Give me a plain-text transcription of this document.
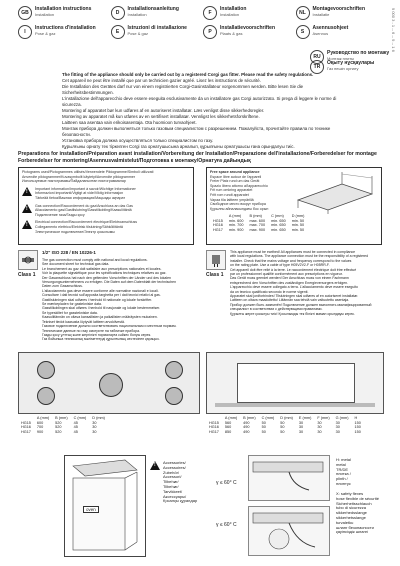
GB
Installation instructions
Installation	D
Installationsanleitung
Installation	F
Installation
Installation	NL
Montagevoorschriften
Installatie
I
Instructions d'installation
Pose & gaz	E
Istruzioni di installazione
Pose & gaz	P
Installatievoorschriften
Plaats & gas	S
Asennusohjeet
Asennus
RU
Руководство по монтажу
Монтаж плиты
TR
Оқыту нұсқаулары
Газ пешін орнату
9 000 3 - 1 -- 6 -- 9 -- 1 6

The fitting of the appliance should only be carried out by a registered Corgi gas fitter. Please read the safety regulations.

Cet appareil ne peut être installé que par un technicien gazier agréé. Lisez les instructions de sécurité.

Die Installation des Gerätes darf nur von einem registrierten Corgi-Gasinstallateur vorgenommen werden. Bitte lesen Sie die Sicherheitsbestimmungen.

L'installazione dell'apparecchio deve essere eseguita esclusivamente da un installatore gas Corgi autorizzato. Si prega di leggere le norme di sicurezza.

Montering af apparatet bør kun udføres af en autoriseret installatør. Læs venligst disse sikkerhedsregler.

Montering av apparatet må kun utføres av en sertifisert installatør. Vennligst les sikkerhetsforskriftene.

Laitteen saa asentaa vain erikoisasentaja. Ota huomioon turvaohjeet.

Монтаж прибора должен выполняться только газовым специалистом с разрешением. Пожалуйста, прочитайте правила по технике безопасности.

Установка прибора должна осуществляться только специалистом по газу.

Құрылғыны орнату тек тіркелген Corgi газ орнатушысына арналып, құрылғыны орнатушысы ғана орындалуы тиіс.

Preparations for installation/Préparation avant installation/Vorbereitung der Installation/Preparazione dell'installazione/Forberedelser for montage Forberedelser for montering/Asennusvalmistelut/Подготовка к монтажу/Орнатуға дайындық

Pictograms used/Pictogrammes utilisés/Verwendete Piktogramme/Simboli utilizzati
Anvendte piktogrammer/Kuvasymbolit käytetyt/Anvendte piktogrammer
Используемые пиктограммы/Пайдаланылған пиктограммалар
!
Important information/Important à savoir/Wichtige Informationen
Informazioni importanti/Vigtigt at vide/Viktig informasjon
Tärkeää tietoa/Важная информация/Маңызды ақпарат
!
Gas connection/Raccordement du gaz/Anschluss an das Gas
Allacciamento gas/Gastilslutning/Gasstilkobling/Kaasuliitäntä
Подключение газа/Газды қосу
!
Electrical connection/Raccordement électrique/Elektroanschluss
Collegamento elettrico/Elektrisk tilslutning/Sähköliitäntä
Электрическое подключение/Электр қосылымы
Free space around appliance
Espace libre autour de l'appareil
Freier Platz rund um das Gerät
Spazio libero attorno all'apparecchio
Frit rum omkring apparatet
Fritt rom rundt apparatet
Vapaa tila laitteen ympärillä
Свободное место вокруг прибора
Құрылғы айналасындағы бос орын
	A (mm)	B (mm)	C (mm)	D (mm)
HG15	min. 600	max. 600	min. 650	min. 50
HG16	min. 700	max. 700	min. 650	min. 50
HG17	min. 900	max. 900	min. 650	min. 50
Class 1
1/2" ISO 228 / EN 10226-1

The gas connection must comply with national and local regulations.

See document sheet for technical gas data.

Le branchement au gaz doit satisfaire aux prescriptions nationales et locales.

Voir la plaquette signalétique pour les spécifications techniques relatives au gaz.

Der Gasanschluss hat nach den geltenden Vorschriften der Länder und des lokalen

Versorgungsunternehmens zu erfolgen. Die Daten auf dem Datenblatt der technischen

Daten zum Gasanschluss.

L'allacciamento gas deve essere conforme alle normative nazionali e locali.

Consultare i dati tecnici sull'apposita targhetta per i dati tecnici relativi al gas.

Gastilslutningen skal udføres i henhold til nationale og lokale forskrifter.

Se mærkepladen for gastekniske data.

Gasstilkoblingen skal utføres i henhold til nasjonale og lokale bestemmelser.

Se typeskiltet for gasstekniske data.

Kaasuliitännän on oltava kansallisten ja paikallisten määräysten mukainen.

Tekniset tiedot kaasusta löytyvät laitteen arvokilvestä.

Газовое подключение должно соответствовать национальным и местным нормам.

Технические данные по газу смотрите на табличке прибора.

Газды қосу ұлттық және жергілікті нормаларға сәйкес болуы керек.

Газ бойынша техникалық мәліметтерді құрылғының кестесінен қараңыз.

Class 1

This appliance must be earthed! All appliances must be connected in compliance

with local regulations. The appliance connection must be the responsibility of a registered

installer. Check that the mains voltage and frequency correspond to the values

on the rating plate. Use a cable of type H05V2V2-F or H05RR-F.

Cet appareil doit être relié à la terre. Le raccordement électrique doit être effectué

par un professionnel qualifié conformément aux prescriptions en vigueur.

Das Gerät muss geerdet werden! Der Anschluss muss von einem Fachmann

entsprechend den Vorschriften des zuständigen Energieversorgers erfolgen.

L'apparecchio deve essere collegato a terra. L'allacciamento deve essere eseguito

da un tecnico qualificato secondo le norme vigenti.

Apparatet skal jordforbindes! Tilslutningen skal udføres af en autoriseret installatør.

Laitteen on oltava maadoitettu! Liitännän saa tehdä vain valtuutettu asentaja.

Прибор должен быть заземлён! Подключение должен выполнять квалифицированный

специалист в соответствии с действующими правилами.

Құрылғы жерге қосылуы тиіс! Қосылымды тек білікті маман орындауы керек.

	A (mm)	B (mm)	C (mm)	D (mm)
HG15	600	520	45	30
HG16	700	520	45	30
HG17	900	520	45	30
	A (mm)	B (mm)	C (mm)	D (mm)	E (mm)	F (mm)	G (mm)	H
HG15	560	490	50	50	30	30	30	150
HG16	560	490	50	50	30	30	30	150
HG17	850	490	50	50	30	30	30	150
oven
!
Accessories/
Accessoires/
Zubehör/
Accessori/
Tilbehør/
Tilbehør/
Tarvikkeet/
Аксессуары/
Қосалқы құралдар
γ ≤ 60° C
γ ≤ 60° C
H: metal
metal
TR/DE
плитка /
plinth /
плинтус
X: safety flexes
hose flexible de sécurité
Sicherheitsschlauch
tubo di sicurezza
sikkerhedsslange
sikkerhetsslange
turvaletku
шланг безопасности
қауіпсіздік шлангі
